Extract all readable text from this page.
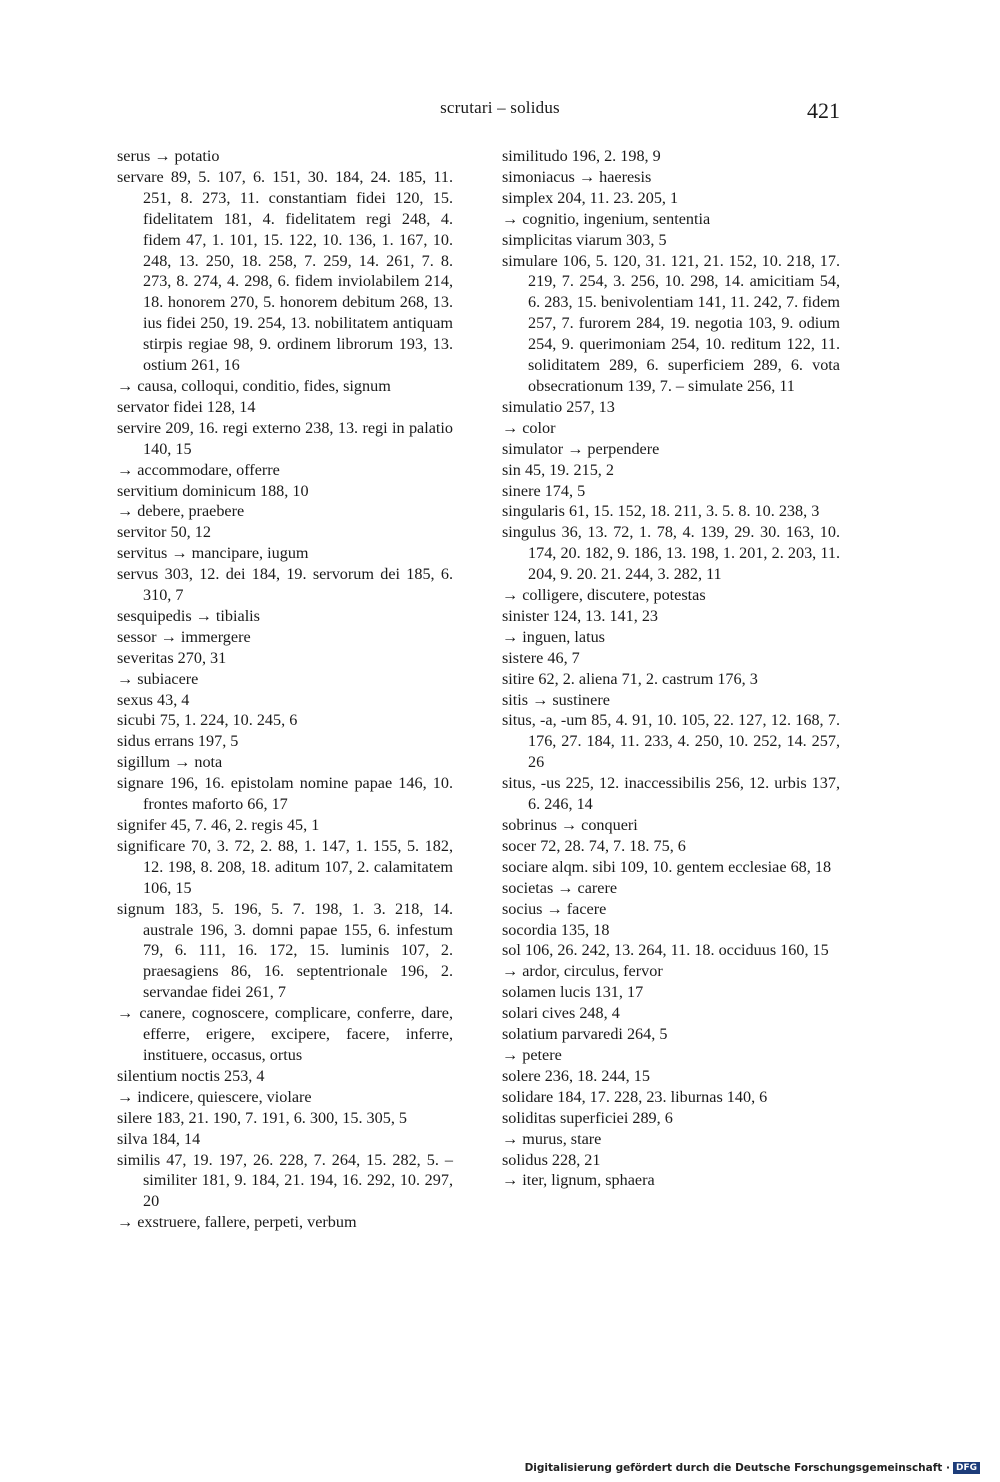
scrutari – solidus	421
serus → potatio
servare 89, 5. 107, 6. 151, 30. 184, 24. 185, 11. 251, 8. 273, 11. constantiam fidei 120, 15. fidelitatem 181, 4. fidelitatem regi 248, 4. fidem 47, 1. 101, 15. 122, 10. 136, 1. 167, 10. 248, 13. 250, 18. 258, 7. 259, 14. 261, 7. 8. 273, 8. 274, 4. 298, 6. fidem inviolabilem 214, 18. honorem 270, 5. honorem debitum 268, 13. ius fidei 250, 19. 254, 13. nobilitatem antiquam stirpis regiae 98, 9. ordinem librorum 193, 13. ostium 261, 16
→ causa, colloqui, conditio, fides, signum
servator fidei 128, 14
servire 209, 16. regi externo 238, 13. regi in palatio 140, 15
→ accommodare, offerre
servitium dominicum 188, 10
→ debere, praebere
servitor 50, 12
servitus → mancipare, iugum
servus 303, 12. dei 184, 19. servorum dei 185, 6. 310, 7
sesquipedis → tibialis
sessor → immergere
severitas 270, 31
→ subiacere
sexus 43, 4
sicubi 75, 1. 224, 10. 245, 6
sidus errans 197, 5
sigillum → nota
signare 196, 16. epistolam nomine papae 146, 10. frontes maforto 66, 17
signifer 45, 7. 46, 2. regis 45, 1
significare 70, 3. 72, 2. 88, 1. 147, 1. 155, 5. 182, 12. 198, 8. 208, 18. aditum 107, 2. calamitatem 106, 15
signum 183, 5. 196, 5. 7. 198, 1. 3. 218, 14. australe 196, 3. domni papae 155, 6. infestum 79, 6. 111, 16. 172, 15. luminis 107, 2. praesagiens 86, 16. septentrionale 196, 2. servandae fidei 261, 7
→ canere, cognoscere, complicare, conferre, dare, efferre, erigere, excipere, facere, inferre, instituere, occasus, ortus
silentium noctis 253, 4
→ indicere, quiescere, violare
silere 183, 21. 190, 7. 191, 6. 300, 15. 305, 5
silva 184, 14
similis 47, 19. 197, 26. 228, 7. 264, 15. 282, 5. – similiter 181, 9. 184, 21. 194, 16. 292, 10. 297, 20
→ exstruere, fallere, perpeti, verbum
similitudo 196, 2. 198, 9
simoniacus → haeresis
simplex 204, 11. 23. 205, 1
→ cognitio, ingenium, sententia
simplicitas viarum 303, 5
simulare 106, 5. 120, 31. 121, 21. 152, 10. 218, 17. 219, 7. 254, 3. 256, 10. 298, 14. amicitiam 54, 6. 283, 15. benivolentiam 141, 11. 242, 7. fidem 257, 7. furorem 284, 19. negotia 103, 9. odium 254, 9. querimoniam 254, 10. reditum 122, 11. soliditatem 289, 6. superficiem 289, 6. vota obsecrationum 139, 7. – simulate 256, 11
simulatio 257, 13
→ color
simulator → perpendere
sin 45, 19. 215, 2
sinere 174, 5
singularis 61, 15. 152, 18. 211, 3. 5. 8. 10. 238, 3
singulus 36, 13. 72, 1. 78, 4. 139, 29. 30. 163, 10. 174, 20. 182, 9. 186, 13. 198, 1. 201, 2. 203, 11. 204, 9. 20. 21. 244, 3. 282, 11
→ colligere, discutere, potestas
sinister 124, 13. 141, 23
→ inguen, latus
sistere 46, 7
sitire 62, 2. aliena 71, 2. castrum 176, 3
sitis → sustinere
situs, -a, -um 85, 4. 91, 10. 105, 22. 127, 12. 168, 7. 176, 27. 184, 11. 233, 4. 250, 10. 252, 14. 257, 26
situs, -us 225, 12. inaccessibilis 256, 12. urbis 137, 6. 246, 14
sobrinus → conqueri
socer 72, 28. 74, 7. 18. 75, 6
sociare alqm. sibi 109, 10. gentem ecclesiae 68, 18
societas → carere
socius → facere
socordia 135, 18
sol 106, 26. 242, 13. 264, 11. 18. occiduus 160, 15
→ ardor, circulus, fervor
solamen lucis 131, 17
solari cives 248, 4
solatium parvaredi 264, 5
→ petere
solere 236, 18. 244, 15
solidare 184, 17. 228, 23. liburnas 140, 6
soliditas superficiei 289, 6
→ murus, stare
solidus 228, 21
→ iter, lignum, sphaera
Digitalisierung gefördert durch die Deutsche Forschungsgemeinschaft · DFG
